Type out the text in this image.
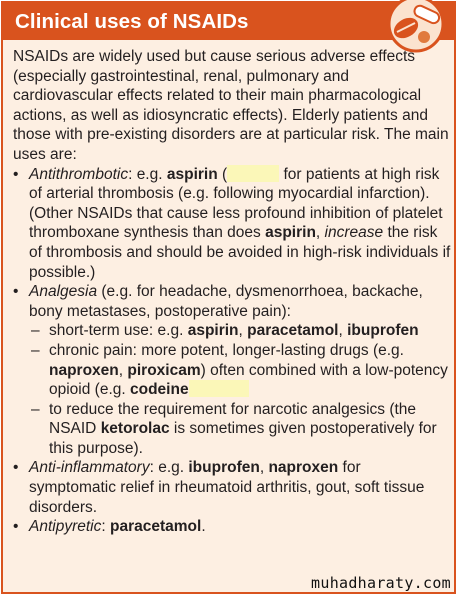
Clinical uses of NSAIDs

NSAIDs are widely used but cause serious adverse effects (especially gastrointestinal, renal, pulmonary and cardiovascular effects related to their main pharmacological actions, as well as idiosyncratic effects). Elderly patients and those with pre-existing disorders are at particular risk. The main uses are:

• Antithrombotic: e.g. aspirin (	for patients at high risk of arterial thrombosis (e.g. following myocardial infarction). (Other NSAIDs that cause less profound inhibition of platelet thromboxane synthesis than does aspirin, increase the risk of thrombosis and should be avoided in high-risk individuals if possible.)
• Analgesia (e.g. for headache, dysmenorrhoea, backache, bony metastases, postoperative pain):
– short-term use: e.g. aspirin, paracetamol, ibuprofen
– chronic pain: more potent, longer-lasting drugs (e.g. naproxen, piroxicam) often combined with a low-potency opioid (e.g. codeine
– to reduce the requirement for narcotic analgesics (the NSAID ketorolac is sometimes given postoperatively for this purpose).
• Anti-inflammatory: e.g. ibuprofen, naproxen for symptomatic relief in rheumatoid arthritis, gout, soft tissue disorders.
• Antipyretic: paracetamol.
muhadharaty.com
